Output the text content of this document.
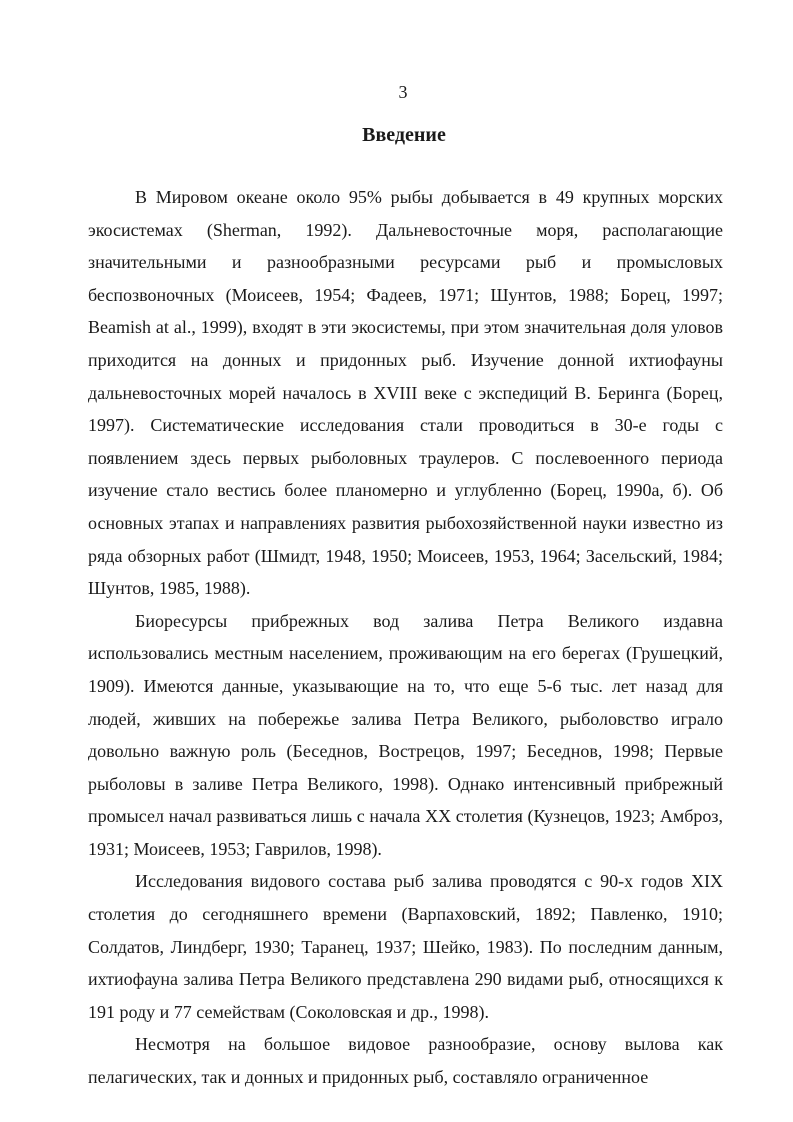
3
Введение

В Мировом океане около 95% рыбы добывается в 49 крупных морских экосистемах (Sherman, 1992). Дальневосточные моря, располагающие значительными и разнообразными ресурсами рыб и промысловых беспозвоночных (Моисеев, 1954; Фадеев, 1971; Шунтов, 1988; Борец, 1997; Beamish at al., 1999), входят в эти экосистемы, при этом значительная доля уловов приходится на донных и придонных рыб. Изучение донной ихтиофауны дальневосточных морей началось в XVIII веке с экспедиций В. Беринга (Борец, 1997). Систематические исследования стали проводиться в 30-е годы с появлением здесь первых рыболовных траулеров. С послевоенного периода изучение стало вестись более планомерно и углубленно (Борец, 1990а, б). Об основных этапах и направлениях развития рыбохозяйственной науки известно из ряда обзорных работ (Шмидт, 1948, 1950; Моисеев, 1953, 1964; Засельский, 1984; Шунтов, 1985, 1988).

Биоресурсы прибрежных вод залива Петра Великого издавна использовались местным населением, проживающим на его берегах (Грушецкий, 1909). Имеются данные, указывающие на то, что еще 5-6 тыс. лет назад для людей, живших на побережье залива Петра Великого, рыболовство играло довольно важную роль (Беседнов, Вострецов, 1997; Беседнов, 1998; Первые рыболовы в заливе Петра Великого, 1998). Однако интенсивный прибрежный промысел начал развиваться лишь с начала XX столетия (Кузнецов, 1923; Амброз, 1931; Моисеев, 1953; Гаврилов, 1998).

Исследования видового состава рыб залива проводятся с 90-х годов XIX столетия до сегодняшнего времени (Варпаховский, 1892; Павленко, 1910; Солдатов, Линдберг, 1930; Таранец, 1937; Шейко, 1983). По последним данным, ихтиофауна залива Петра Великого представлена 290 видами рыб, относящихся к 191 роду и 77 семействам (Соколовская и др., 1998).

Несмотря на большое видовое разнообразие, основу вылова как пелагических, так и донных и придонных рыб, составляло ограниченное
